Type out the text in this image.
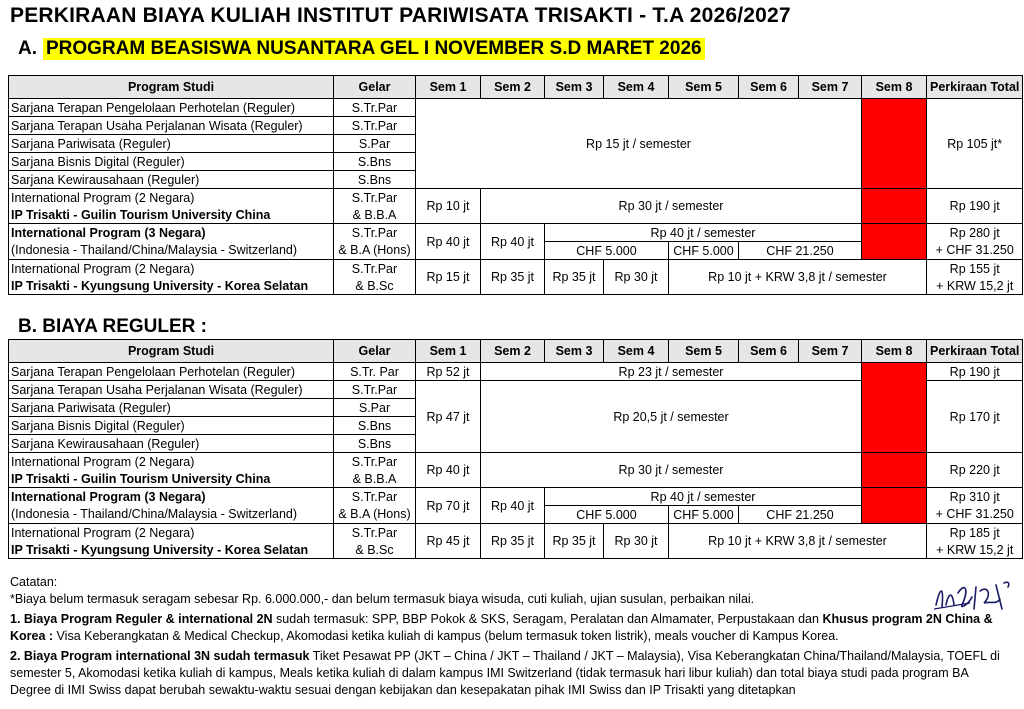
PERKIRAAN BIAYA KULIAH INSTITUT PARIWISATA TRISAKTI - T.A 2026/2027
A. PROGRAM BEASISWA NUSANTARA GEL I NOVEMBER S.D MARET 2026
Program Studi	Gelar	Sem 1	Sem 2	Sem 3	Sem 4	Sem 5	Sem 6	Sem 7	Sem 8	Perkiraan Total
Sarjana Terapan Pengelolaan Perhotelan (Reguler)	S.Tr.Par	Rp 15 jt / semester								Rp 105 jt*
Sarjana Terapan Usaha Perjalanan Wisata (Reguler)	S.Tr.Par									
Sarjana Pariwisata (Reguler)	S.Par									
Sarjana Bisnis Digital (Reguler)	S.Bns									
Sarjana Kewirausahaan (Reguler)	S.Bns									
International Program (2 Negara)	S.Tr.Par	Rp 10 jt	Rp 30 jt / semester							Rp 190 jt
IP Trisakti - Guilin Tourism University China	& B.B.A									
International Program (3 Negara)	S.Tr.Par	Rp 40 jt	Rp 40 jt	Rp 40 jt / semester						Rp 280 jt
(Indonesia - Thailand/China/Malaysia - Switzerland)	& B.A (Hons)			CHF 5.000		CHF 5.000	CHF 21.250			+ CHF 31.250
International Program (2 Negara)	S.Tr.Par	Rp 15 jt	Rp 35 jt	Rp 35 jt	Rp 30 jt	Rp 10 jt + KRW 3,8 jt / semester				Rp 155 jt
IP Trisakti - Kyungsung University - Korea Selatan	& B.Sc									+ KRW 15,2 jt
B. BIAYA REGULER :
Program Studi	Gelar	Sem 1	Sem 2	Sem 3	Sem 4	Sem 5	Sem 6	Sem 7	Sem 8	Perkiraan Total
Sarjana Terapan Pengelolaan Perhotelan (Reguler)	S.Tr. Par	Rp 52 jt	Rp 23 jt / semester							Rp 190 jt
Sarjana Terapan Usaha Perjalanan Wisata (Reguler)	S.Tr.Par	Rp 47 jt	Rp 20,5 jt / semester							Rp 170 jt
Sarjana Pariwisata (Reguler)	S.Par									
Sarjana Bisnis Digital (Reguler)	S.Bns									
Sarjana Kewirausahaan (Reguler)	S.Bns									
International Program (2 Negara)	S.Tr.Par	Rp 40 jt	Rp 30 jt / semester							Rp 220 jt
IP Trisakti - Guilin Tourism University China	& B.B.A									
International Program (3 Negara)	S.Tr.Par	Rp 70 jt	Rp 40 jt	Rp 40 jt / semester						Rp 310 jt
(Indonesia - Thailand/China/Malaysia - Switzerland)	& B.A (Hons)			CHF 5.000		CHF 5.000	CHF 21.250			+ CHF 31.250
International Program (2 Negara)	S.Tr.Par	Rp 45 jt	Rp 35 jt	Rp 35 jt	Rp 30 jt	Rp 10 jt + KRW 3,8 jt / semester				Rp 185 jt
IP Trisakti - Kyungsung University - Korea Selatan	& B.Sc									+ KRW 15,2 jt

Catatan:

*Biaya belum termasuk seragam sebesar Rp. 6.000.000,- dan belum termasuk biaya wisuda, cuti kuliah, ujian susulan, perbaikan nilai.

1. Biaya Program Reguler & international 2N sudah termasuk: SPP, BBP Pokok & SKS, Seragam, Peralatan dan Almamater, Perpustakaan dan Khusus program 2N China & Korea : Visa Keberangkatan & Medical Checkup, Akomodasi ketika kuliah di kampus (belum termasuk token listrik), meals voucher di Kampus Korea.

2. Biaya Program international 3N sudah termasuk Tiket Pesawat PP (JKT – China / JKT – Thailand / JKT – Malaysia), Visa Keberangkatan China/Thailand/Malaysia, TOEFL di semester 5, Akomodasi ketika kuliah di kampus, Meals ketika kuliah di dalam kampus IMI Switzerland (tidak termasuk hari libur kuliah) dan total biaya studi pada program BA Degree di IMI Swiss dapat berubah sewaktu-waktu sesuai dengan kebijakan dan kesepakatan pihak IMI Swiss dan IP Trisakti yang ditetapkan
